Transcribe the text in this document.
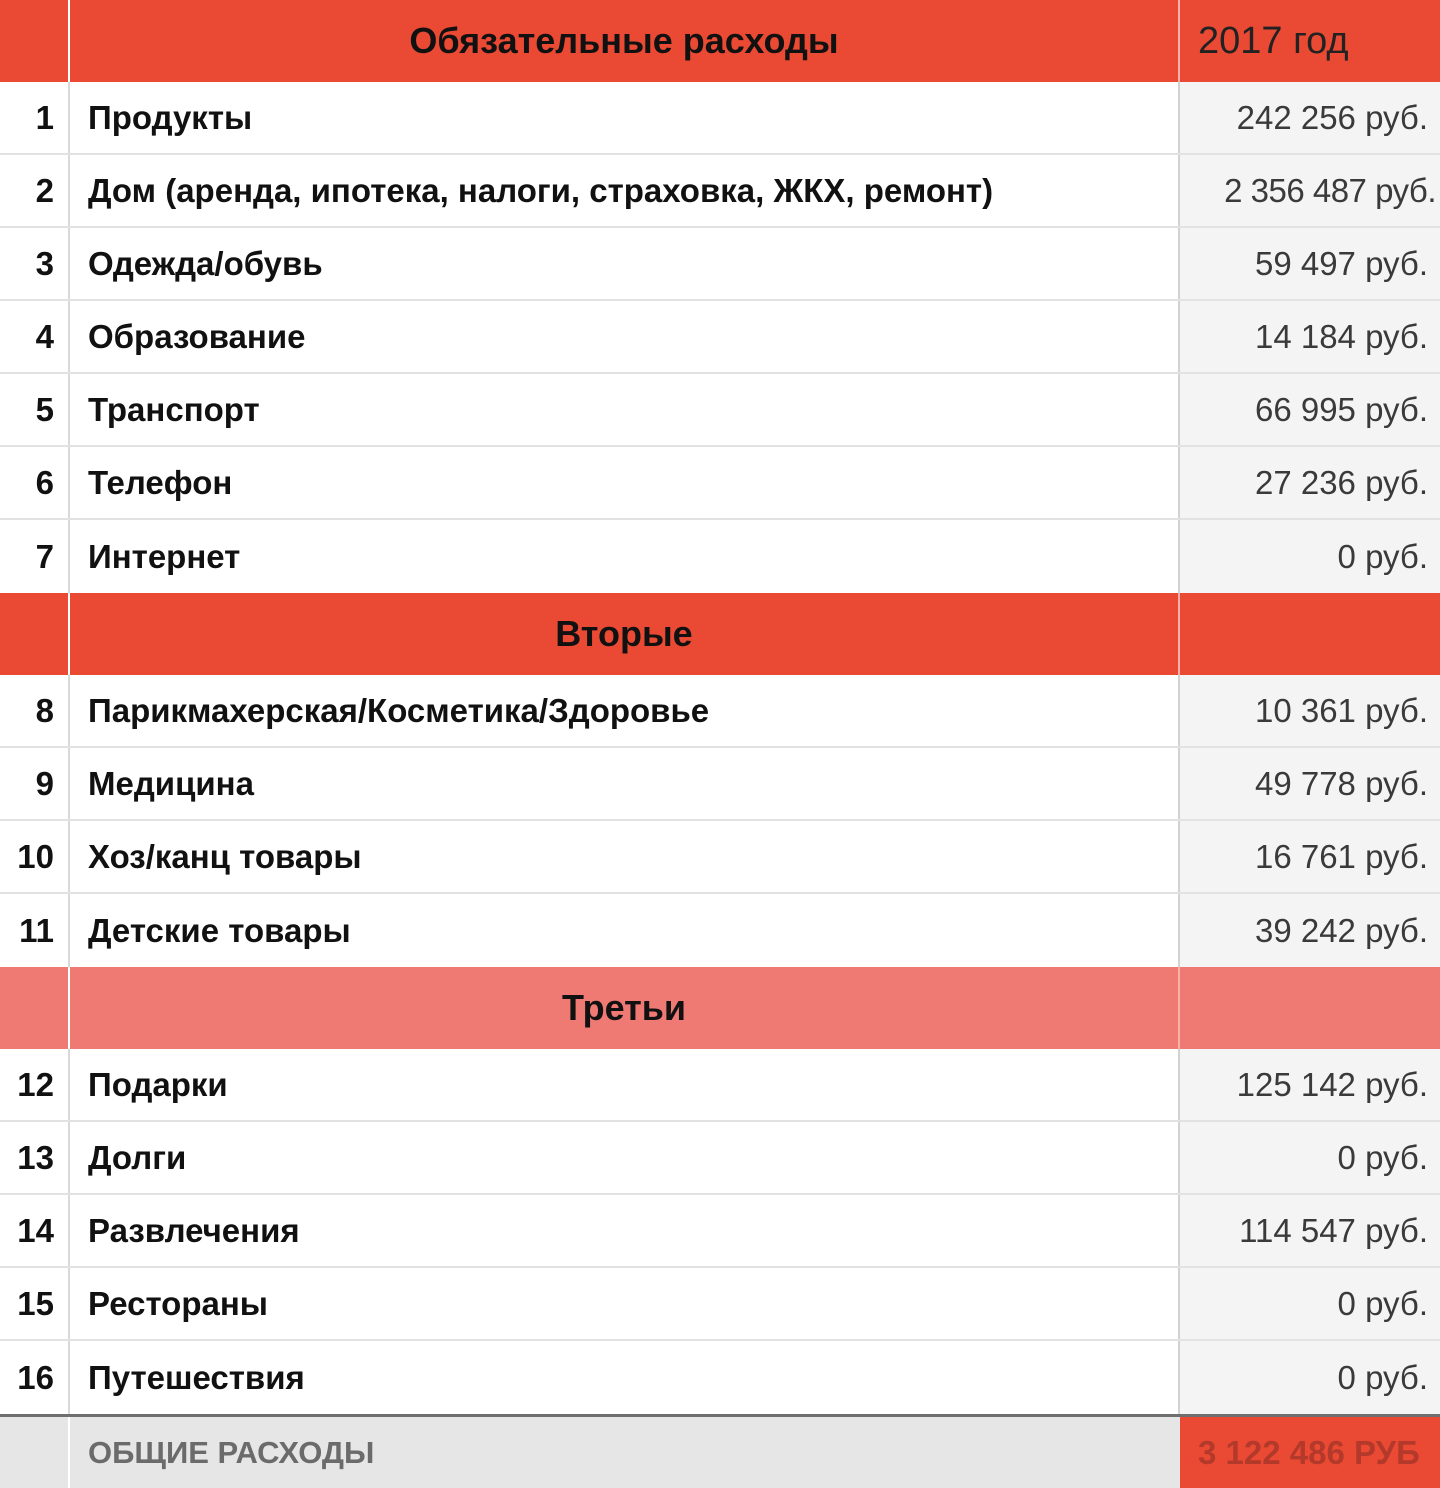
Обязательные расходы	2017 год
1	Продукты	242 256 руб.
2	Дом (аренда, ипотека, налоги, страховка, ЖКХ, ремонт)	2 356 487 руб.
3	Одежда/обувь	59 497 руб.
4	Образование	14 184 руб.
5	Транспорт	66 995 руб.
6	Телефон	27 236 руб.
7	Интернет	0 руб.
Вторые
8	Парикмахерская/Косметика/Здоровье	10 361 руб.
9	Медицина	49 778 руб.
10	Хоз/канц товары	16 761 руб.
11	Детские товары	39 242 руб.
Третьи
12	Подарки	125 142 руб.
13	Долги	0 руб.
14	Развлечения	114 547 руб.
15	Рестораны	0 руб.
16	Путешествия	0 руб.
ОБЩИЕ РАСХОДЫ	3 122 486 РУБ
